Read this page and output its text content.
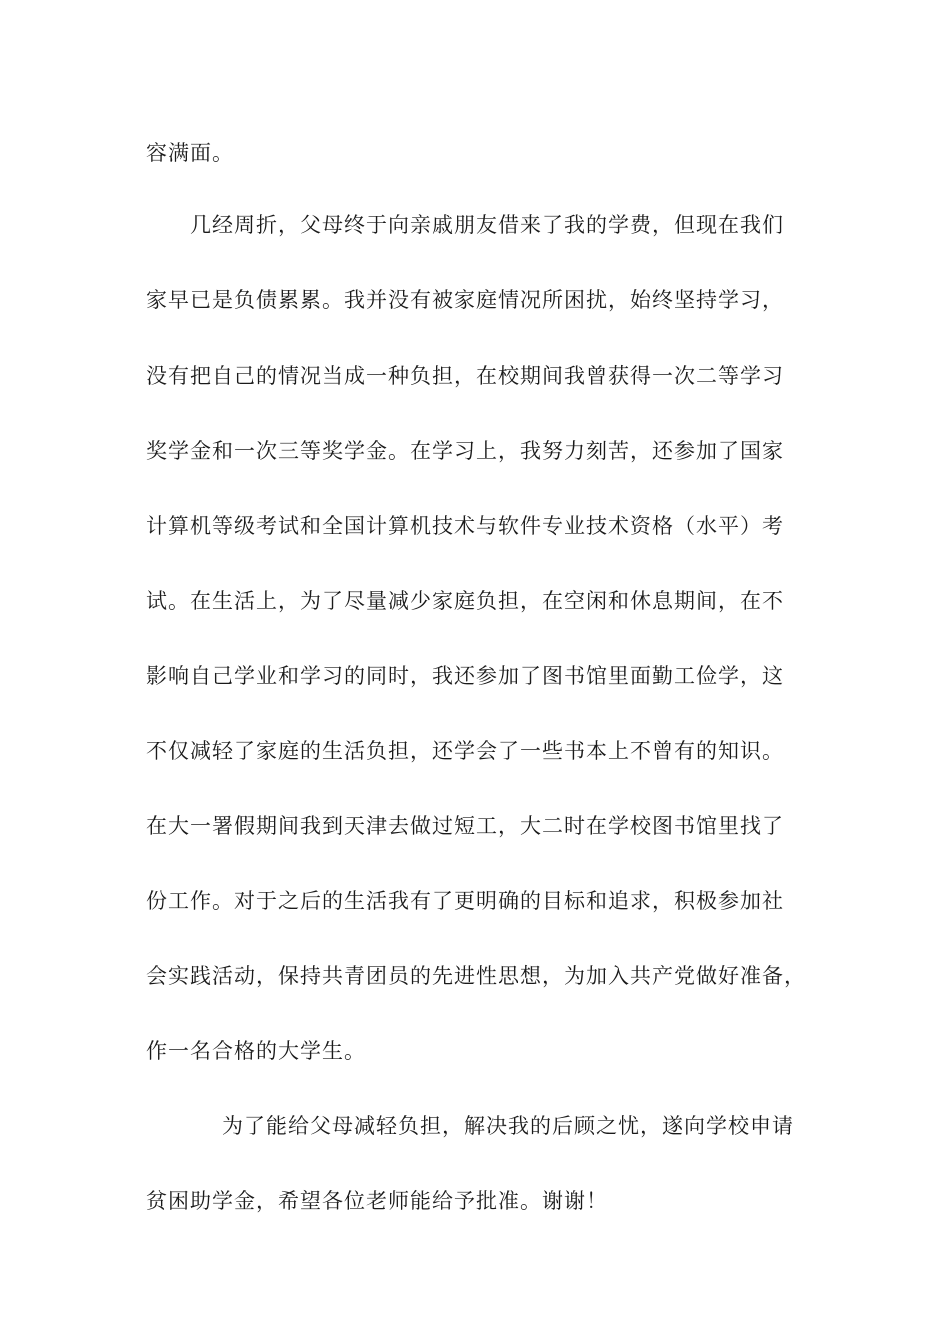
容满面。
几经周折，父母终于向亲戚朋友借来了我的学费，但现在我们
家早已是负债累累。我并没有被家庭情况所困扰，始终坚持学习，
没有把自己的情况当成一种负担，在校期间我曾获得一次二等学习
奖学金和一次三等奖学金。在学习上，我努力刻苦，还参加了国家
计算机等级考试和全国计算机技术与软件专业技术资格（水平）考
试。在生活上，为了尽量减少家庭负担，在空闲和休息期间，在不
影响自己学业和学习的同时，我还参加了图书馆里面勤工俭学，这
不仅减轻了家庭的生活负担，还学会了一些书本上不曾有的知识。
在大一署假期间我到天津去做过短工，大二时在学校图书馆里找了
份工作。对于之后的生活我有了更明确的目标和追求，积极参加社
会实践活动，保持共青团员的先进性思想，为加入共产党做好准备，
作一名合格的大学生。
为了能给父母减轻负担，解决我的后顾之忧，遂向学校申请
贫困助学金，希望各位老师能给予批准。谢谢！
